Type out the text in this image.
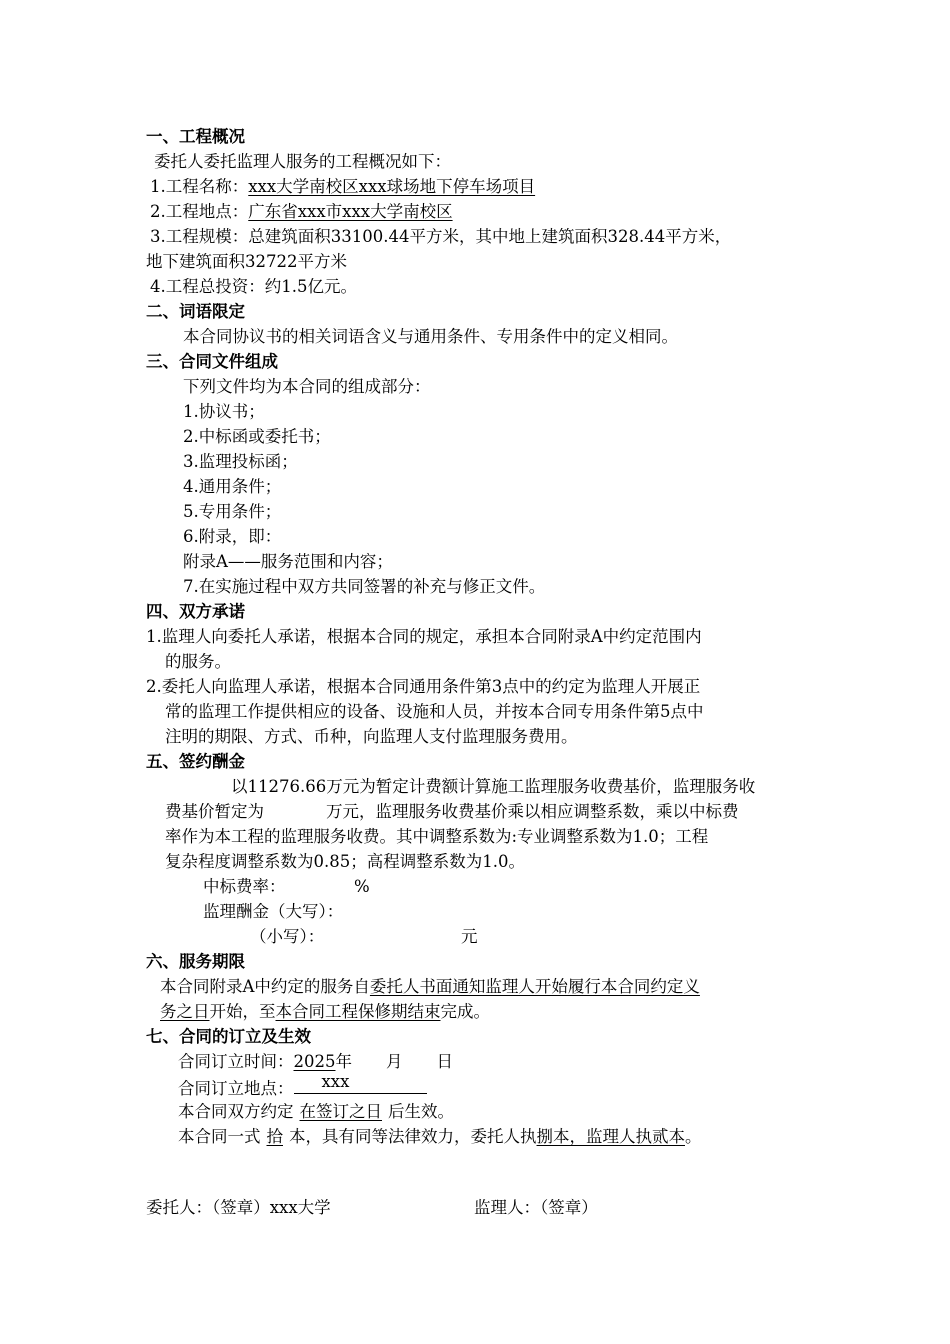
一、工程概况
委托人委托监理人服务的工程概况如下：
1.工程名称：xxx大学南校区xxx球场地下停车场项目
2.工程地点：广东省xxx市xxx大学南校区
3.工程规模：总建筑面积33100.44平方米，其中地上建筑面积328.44平方米，
地下建筑面积32722平方米
4.工程总投资：约1.5亿元。
二、词语限定
本合同协议书的相关词语含义与通用条件、专用条件中的定义相同。
三、合同文件组成
下列文件均为本合同的组成部分：
1.协议书；
2.中标函或委托书；
3.监理投标函；
4.通用条件；
5.专用条件；
6.附录，即：
附录A——服务范围和内容；
7.在实施过程中双方共同签署的补充与修正文件。
四、双方承诺
1.监理人向委托人承诺，根据本合同的规定，承担本合同附录A中约定范围内
的服务。
2.委托人向监理人承诺，根据本合同通用条件第3点中的约定为监理人开展正
常的监理工作提供相应的设备、设施和人员，并按本合同专用条件第5点中
注明的期限、方式、币种，向监理人支付监理服务费用。
五、签约酬金
以11276.66万元为暂定计费额计算施工监理服务收费基价，监理服务收
费基价暂定为	万元，监理服务收费基价乘以相应调整系数，乘以中标费
率作为本工程的监理服务收费。其中调整系数为:专业调整系数为1.0；工程
复杂程度调整系数为0.85；高程调整系数为1.0。
中标费率：	%
监理酬金（大写）：
（小写）：	元
六、服务期限
本合同附录A中约定的服务自委托人书面通知监理人开始履行本合同约定义
务之日开始，至本合同工程保修期结束完成。
七、合同的订立及生效
合同订立时间：2025年 月 日
合同订立地点： xxx
本合同双方约定 在签订之日 后生效。
本合同一式 拾 本，具有同等法律效力，委托人执捌本，监理人执贰本。
委托人：（签章）xxx大学	监理人：（签章）
